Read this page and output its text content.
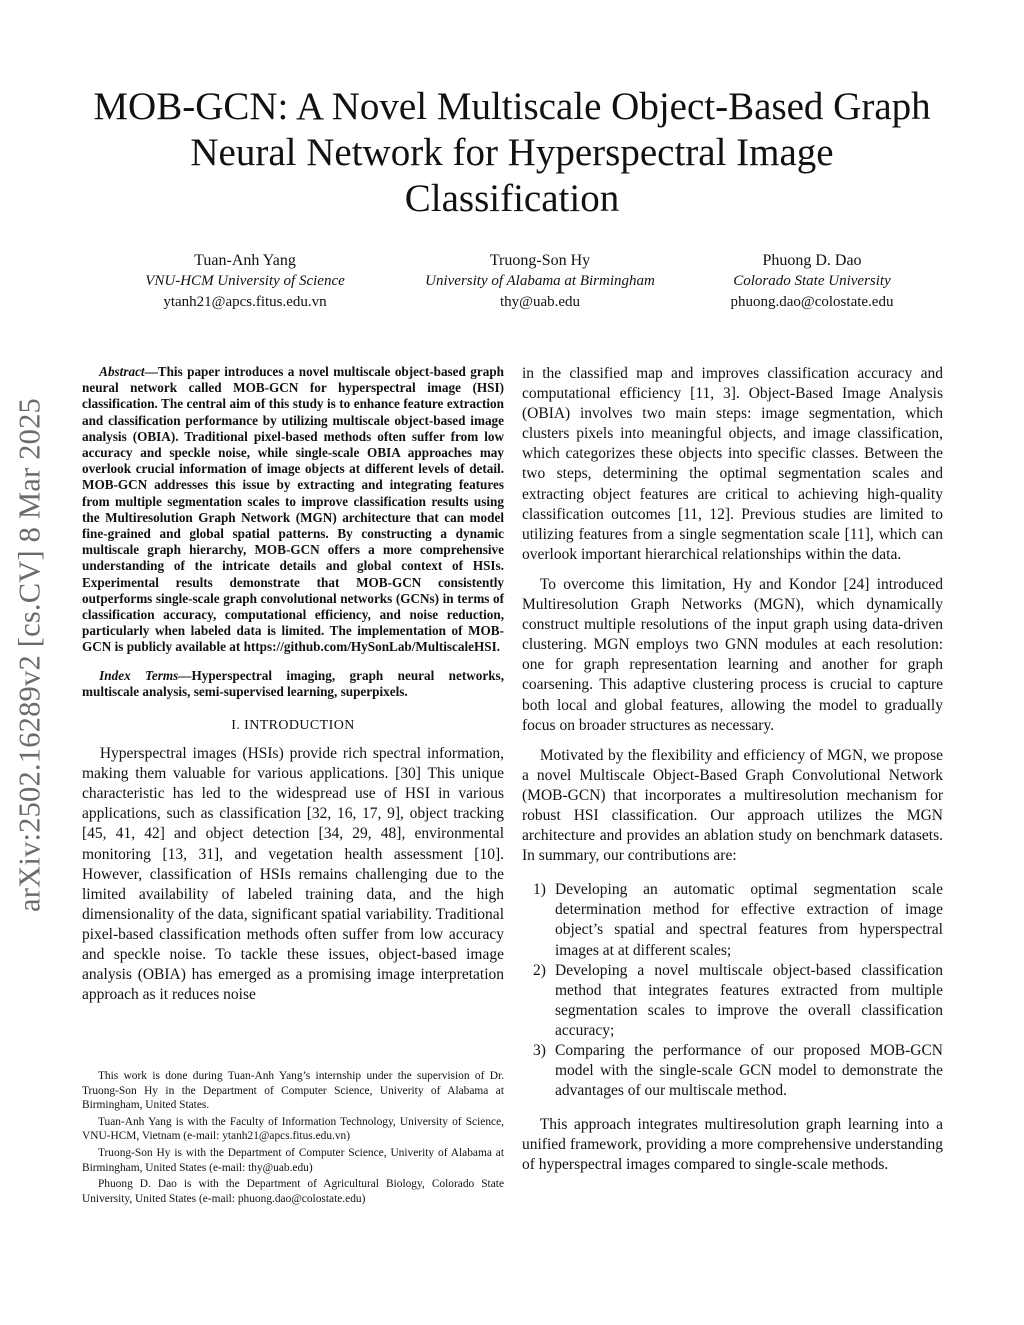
arXiv:2502.16289v2 [cs.CV] 8 Mar 2025
MOB-GCN: A Novel Multiscale Object-Based Graph Neural Network for Hyperspectral Image Classification
Tuan-Anh Yang
VNU-HCM University of Science
ytanh21@apcs.fitus.edu.vn
Truong-Son Hy
University of Alabama at Birmingham
thy@uab.edu
Phuong D. Dao
Colorado State University
phuong.dao@colostate.edu

Abstract—This paper introduces a novel multiscale object-based graph neural network called MOB-GCN for hyperspectral image (HSI) classification. The central aim of this study is to enhance feature extraction and classification performance by utilizing multiscale object-based image analysis (OBIA). Traditional pixel-based methods often suffer from low accuracy and speckle noise, while single-scale OBIA approaches may overlook crucial information of image objects at different levels of detail. MOB-GCN addresses this issue by extracting and integrating features from multiple segmentation scales to improve classification results using the Multiresolution Graph Network (MGN) architecture that can model fine-grained and global spatial patterns. By constructing a dynamic multiscale graph hierarchy, MOB-GCN offers a more comprehensive understanding of the intricate details and global context of HSIs. Experimental results demonstrate that MOB-GCN consistently outperforms single-scale graph convolutional networks (GCNs) in terms of classification accuracy, computational efficiency, and noise reduction, particularly when labeled data is limited. The implementation of MOB-GCN is publicly available at https://github.com/HySonLab/MultiscaleHSI.

Index Terms—Hyperspectral imaging, graph neural networks, multiscale analysis, semi-supervised learning, superpixels.

I. INTRODUCTION

Hyperspectral images (HSIs) provide rich spectral information, making them valuable for various applications. [30] This unique characteristic has led to the widespread use of HSI in various applications, such as classification [32, 16, 17, 9], object tracking [45, 41, 42] and object detection [34, 29, 48], environmental monitoring [13, 31], and vegetation health assessment [10]. However, classification of HSIs remains challenging due to the limited availability of labeled training data, and the high dimensionality of the data, significant spatial variability. Traditional pixel-based classification methods often suffer from low accuracy and speckle noise. To tackle these issues, object-based image analysis (OBIA) has emerged as a promising image interpretation approach as it reduces noise

This work is done during Tuan-Anh Yang’s internship under the supervision of Dr. Truong-Son Hy in the Department of Computer Science, Univerity of Alabama at Birmingham, United States.

Tuan-Anh Yang is with the Faculty of Information Technology, University of Science, VNU-HCM, Vietnam (e-mail: ytanh21@apcs.fitus.edu.vn)

Truong-Son Hy is with the Department of Computer Science, Univerity of Alabama at Birmingham, United States (e-mail: thy@uab.edu)

Phuong D. Dao is with the Department of Agricultural Biology, Colorado State University, United States (e-mail: phuong.dao@colostate.edu)

in the classified map and improves classification accuracy and computational efficiency [11, 3]. Object-Based Image Analysis (OBIA) involves two main steps: image segmentation, which clusters pixels into meaningful objects, and image classification, which categorizes these objects into specific classes. Between the two steps, determining the optimal segmentation scales and extracting object features are critical to achieving high-quality classification outcomes [11, 12]. Previous studies are limited to utilizing features from a single segmentation scale [11], which can overlook important hierarchical relationships within the data.

To overcome this limitation, Hy and Kondor [24] introduced Multiresolution Graph Networks (MGN), which dynamically construct multiple resolutions of the input graph using data-driven clustering. MGN employs two GNN modules at each resolution: one for graph representation learning and another for graph coarsening. This adaptive clustering process is crucial to capture both local and global features, allowing the model to gradually focus on broader structures as necessary.

Motivated by the flexibility and efficiency of MGN, we propose a novel Multiscale Object-Based Graph Convolutional Network (MOB-GCN) that incorporates a multiresolution mechanism for robust HSI classification. Our approach utilizes the MGN architecture and provides an ablation study on benchmark datasets. In summary, our contributions are:

1) Developing an automatic optimal segmentation scale determination method for effective extraction of image object’s spatial and spectral features from hyperspectral images at at different scales;
2) Developing a novel multiscale object-based classification method that integrates features extracted from multiple segmentation scales to improve the overall classification accuracy;
3) Comparing the performance of our proposed MOB-GCN model with the single-scale GCN model to demonstrate the advantages of our multiscale method.

This approach integrates multiresolution graph learning into a unified framework, providing a more comprehensive understanding of hyperspectral images compared to single-scale methods.
